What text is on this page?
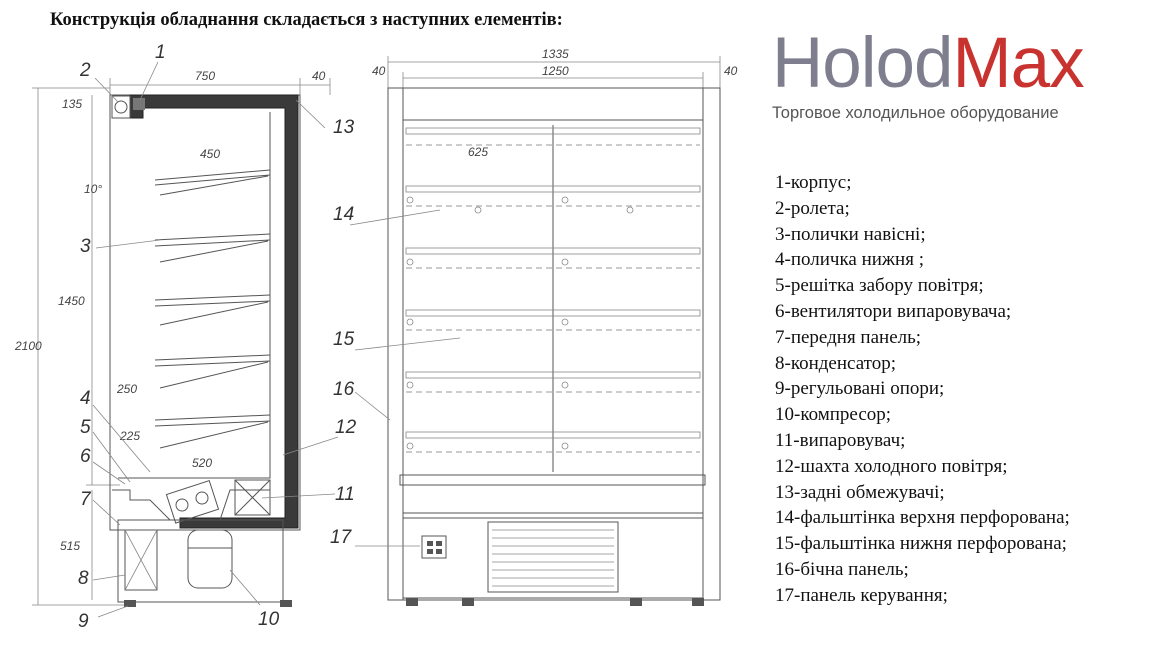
Конструкція обладнання складається з наступних елементів:
HolodMax
Торговое холодильное оборудование
1-корпус;
2-ролета;
3-полички навісні;
4-поличка нижня ;
5-решітка забору повітря;
6-вентилятори випаровувача;
7-передня панель;
8-конденсатор;
9-регульовані опори;
10-компресор;
11-випаровувач;
12-шахта холодного повітря;
13-задні обмежувачі;
14-фальштінка верхня перфорована;
15-фальштінка нижня перфорована;
16-бічна панель;
17-панель керування;
750	40
135
450
10°
2100
1450
250
225
520
515
1335
1250
40	40
625
1
2
3
4
5
6
7
8
9	10
11
12
13
14
15
16
17
